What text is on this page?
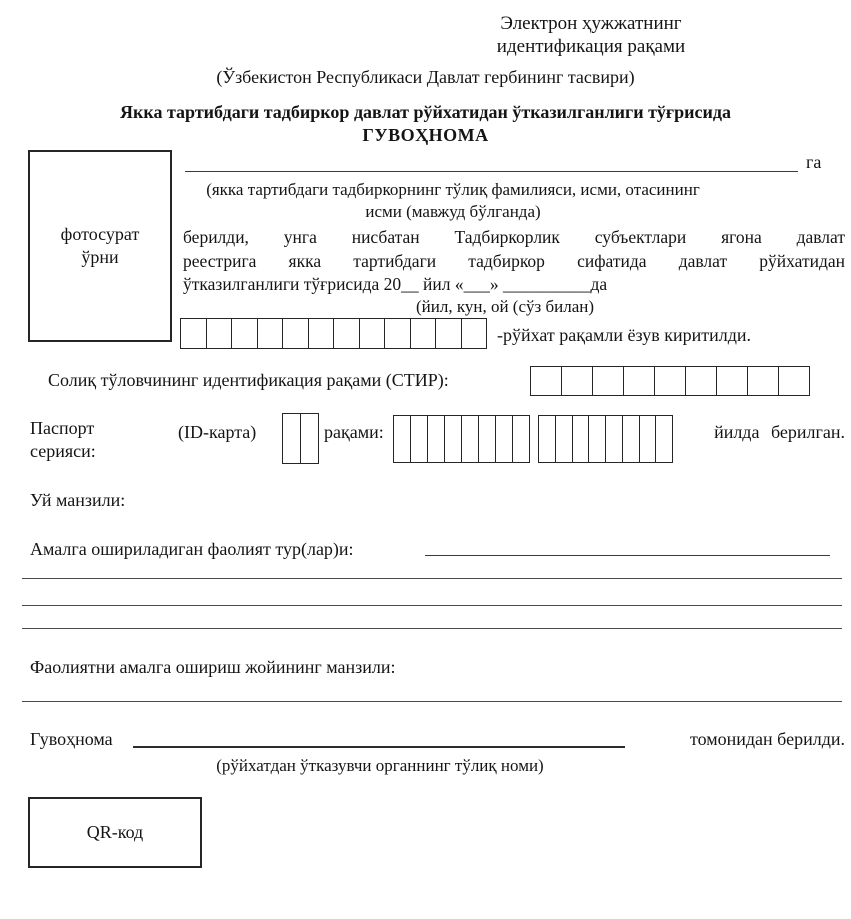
Электрон ҳужжатнинг
идентификация рақами
(Ўзбекистон Республикаси Давлат гербининг тасвири)
Якка тартибдаги тадбиркор давлат рўйхатидан ўтказилганлиги тўғрисида
ГУВОҲНОМА
фотосурат
ўрни
га
(якка тартибдаги тадбиркорнинг тўлиқ фамилияси, исми, отасининг
исми (мавжуд бўлганда)
берилди, унга нисбатан Тадбиркорлик субъектлари ягона давлат
реестрига якка тартибдаги тадбиркор сифатида давлат рўйхатидан
ўтказилганлиги тўғрисида 20__ йил «___» __________да
(йил, кун, ой (сўз билан)
-рўйхат рақамли ёзув киритилди.
Солиқ тўловчининг идентификация рақами (СТИР):
Паспорт
серияси:
(ID-карта)	рақами:	йилда берилган.
Уй манзили:
Амалга ошириладиган фаолият тур(лар)и:
Фаолиятни амалга ошириш жойининг манзили:
Гувоҳнома	томонидан берилди.
(рўйхатдан ўтказувчи органнинг тўлиқ номи)
QR-код
